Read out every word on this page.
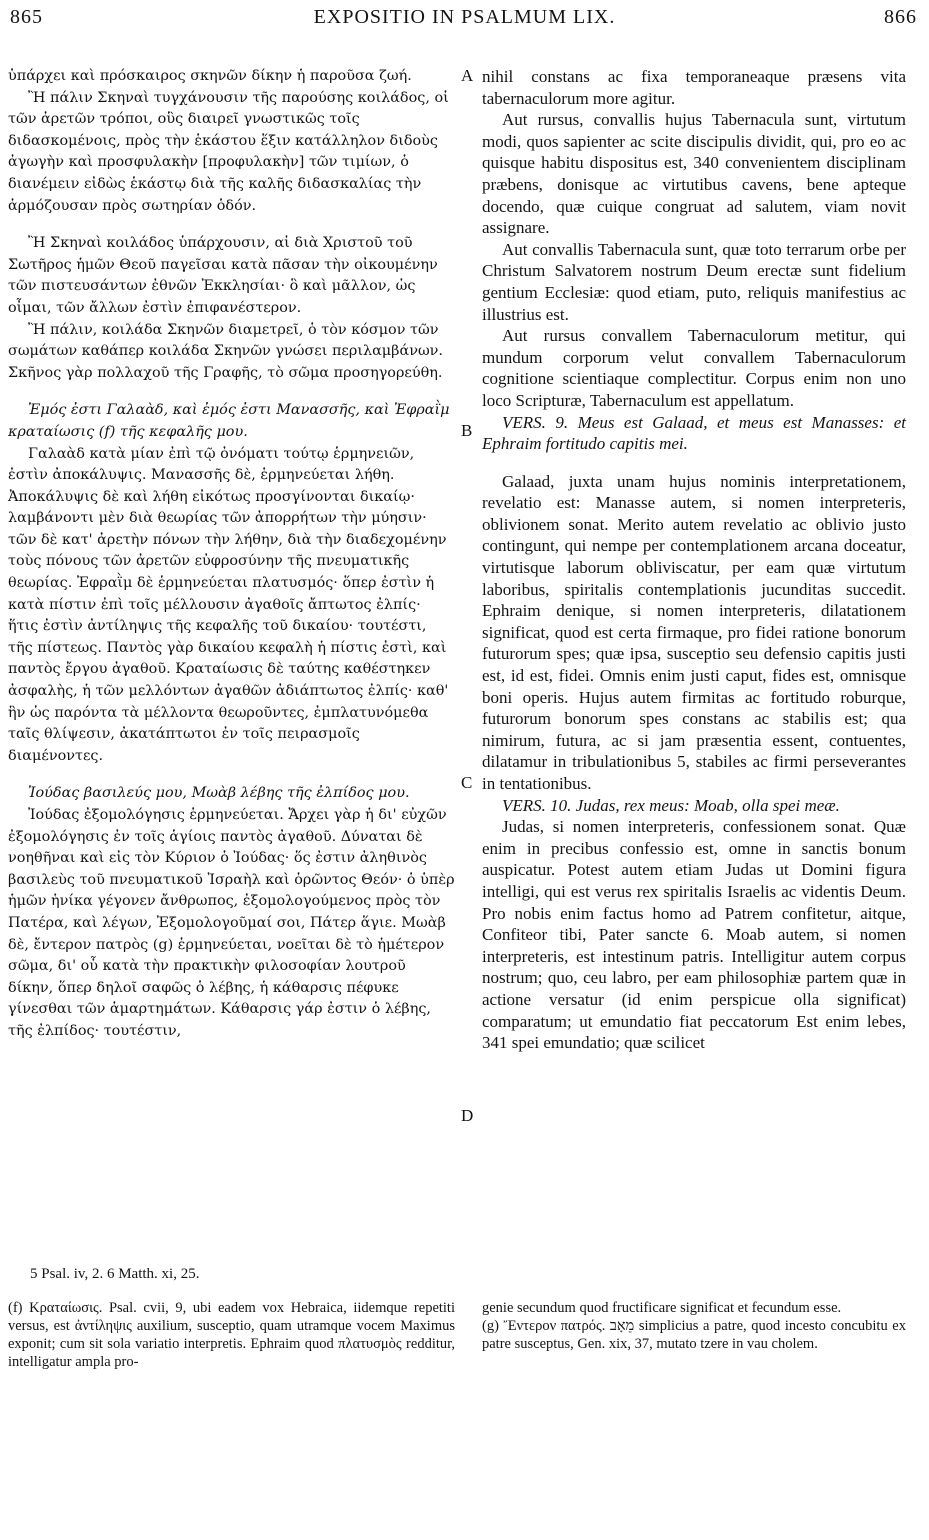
865	EXPOSITIO IN PSALMUM LIX.	866

ὑπάρχει καὶ πρόσκαιρος σκηνῶν δίκην ἡ παροῦσα ζωή.

Ἢ πάλιν Σκηναὶ τυγχάνουσιν τῆς παρούσης κοιλάδος, οἱ τῶν ἀρετῶν τρόποι, οὓς διαιρεῖ γνωστικῶς τοῖς διδασκομένοις, πρὸς τὴν ἑκάστου ἕξιν κατάλληλον διδοὺς ἀγωγὴν καὶ προσφυλακὴν [προφυλακὴν] τῶν τιμίων, ὁ διανέμειν εἰδὼς ἑκάστῳ διὰ τῆς καλῆς διδασκαλίας τὴν ἁρμόζουσαν πρὸς σωτηρίαν ὁδόν.

Ἢ Σκηναὶ κοιλάδος ὑπάρχουσιν, αἱ διὰ Χριστοῦ τοῦ Σωτῆρος ἡμῶν Θεοῦ παγεῖσαι κατὰ πᾶσαν τὴν οἰκουμένην τῶν πιστευσάντων ἐθνῶν Ἐκκλησίαι· ὃ καὶ μᾶλλον, ὡς οἶμαι, τῶν ἄλλων ἐστὶν ἐπιφανέστερον.

Ἢ πάλιν, κοιλάδα Σκηνῶν διαμετρεῖ, ὁ τὸν κόσμον τῶν σωμάτων καθάπερ κοιλάδα Σκηνῶν γνώσει περιλαμβάνων. Σκῆνος γὰρ πολλαχοῦ τῆς Γραφῆς, τὸ σῶμα προσηγορεύθη.

Ἐμός ἐστι Γαλαὰδ, καὶ ἐμός ἐστι Μανασσῆς, καὶ Ἐφραῒμ κραταίωσις (f) τῆς κεφαλῆς μου.

Γαλαὰδ κατὰ μίαν ἐπὶ τῷ ὀνόματι τούτῳ ἑρμηνειῶν, ἐστὶν ἀποκάλυψις. Μανασσῆς δὲ, ἑρμηνεύεται λήθη. Ἀποκάλυψις δὲ καὶ λήθη εἰκότως προσγίνονται δικαίῳ· λαμβάνοντι μὲν διὰ θεωρίας τῶν ἀπορρήτων τὴν μύησιν· τῶν δὲ κατ' ἀρετὴν πόνων τὴν λήθην, διὰ τὴν διαδεχομένην τοὺς πόνους τῶν ἀρετῶν εὐφροσύνην τῆς πνευματικῆς θεωρίας. Ἐφραῒμ δὲ ἑρμηνεύεται πλατυσμός· ὅπερ ἐστὶν ἡ κατὰ πίστιν ἐπὶ τοῖς μέλλουσιν ἀγαθοῖς ἄπτωτος ἐλπίς· ἥτις ἐστὶν ἀντίληψις τῆς κεφαλῆς τοῦ δικαίου· τουτέστι, τῆς πίστεως. Παντὸς γὰρ δικαίου κεφαλὴ ἡ πίστις ἐστὶ, καὶ παντὸς ἔργου ἀγαθοῦ. Κραταίωσις δὲ ταύτης καθέστηκεν ἀσφαλὴς, ἡ τῶν μελλόντων ἀγαθῶν ἀδιάπτωτος ἐλπίς· καθ' ἣν ὡς παρόντα τὰ μέλλοντα θεωροῦντες, ἐμπλατυνόμεθα ταῖς θλίψεσιν, ἀκατάπτωτοι ἐν τοῖς πειρασμοῖς διαμένοντες.

Ἰούδας βασιλεύς μου, Μωὰβ λέβης τῆς ἐλπίδος μου.

Ἰούδας ἐξομολόγησις ἑρμηνεύεται. Ἄρχει γὰρ ἡ δι' εὐχῶν ἐξομολόγησις ἐν τοῖς ἁγίοις παντὸς ἀγαθοῦ. Δύναται δὲ νοηθῆναι καὶ εἰς τὸν Κύριον ὁ Ἰούδας· ὅς ἐστιν ἀληθινὸς βασιλεὺς τοῦ πνευματικοῦ Ἰσραὴλ καὶ ὁρῶντος Θεόν· ὁ ὑπὲρ ἡμῶν ἡνίκα γέγονεν ἄνθρωπος, ἐξομολογούμενος πρὸς τὸν Πατέρα, καὶ λέγων, Ἐξομολογοῦμαί σοι, Πάτερ ἅγιε. Μωὰβ δὲ, ἔντερον πατρὸς (g) ἑρμηνεύεται, νοεῖται δὲ τὸ ἡμέτερον σῶμα, δι' οὗ κατὰ τὴν πρακτικὴν φιλοσοφίαν λουτροῦ δίκην, ὅπερ δηλοῖ σαφῶς ὁ λέβης, ἡ κάθαρσις πέφυκε γίνεσθαι τῶν ἁμαρτημάτων. Κάθαρσις γάρ ἐστιν ὁ λέβης, τῆς ἐλπίδος· τουτέστιν,

A
B
C
D

nihil constans ac fixa temporaneaque præsens vita tabernaculorum more agitur.

Aut rursus, convallis hujus Tabernacula sunt, virtutum modi, quos sapienter ac scite discipulis dividit, qui, pro eo ac quisque habitu dispositus est, 340 convenientem disciplinam præbens, donisque ac virtutibus cavens, bene apteque docendo, quæ cuique congruat ad salutem, viam novit assignare.

Aut convallis Tabernacula sunt, quæ toto terrarum orbe per Christum Salvatorem nostrum Deum erectæ sunt fidelium gentium Ecclesiæ: quod etiam, puto, reliquis manifestius ac illustrius est.

Aut rursus convallem Tabernaculorum metitur, qui mundum corporum velut convallem Tabernaculorum cognitione scientiaque complectitur. Corpus enim non uno loco Scripturæ, Tabernaculum est appellatum.

VERS. 9. Meus est Galaad, et meus est Manasses: et Ephraim fortitudo capitis mei.

Galaad, juxta unam hujus nominis interpretationem, revelatio est: Manasse autem, si nomen interpreteris, oblivionem sonat. Merito autem revelatio ac oblivio justo contingunt, qui nempe per contemplationem arcana doceatur, virtutisque laborum obliviscatur, per eam quæ virtutum laboribus, spiritalis contemplationis jucunditas succedit. Ephraim denique, si nomen interpreteris, dilatationem significat, quod est certa firmaque, pro fidei ratione bonorum futurorum spes; quæ ipsa, susceptio seu defensio capitis justi est, id est, fidei. Omnis enim justi caput, fides est, omnisque boni operis. Hujus autem firmitas ac fortitudo roburque, futurorum bonorum spes constans ac stabilis est; qua nimirum, futura, ac si jam præsentia essent, contuentes, dilatamur in tribulationibus 5, stabiles ac firmi perseverantes in tentationibus.

VERS. 10. Judas, rex meus: Moab, olla spei meæ.

Judas, si nomen interpreteris, confessionem sonat. Quæ enim in precibus confessio est, omne in sanctis bonum auspicatur. Potest autem etiam Judas ut Domini figura intelligi, qui est verus rex spiritalis Israelis ac videntis Deum. Pro nobis enim factus homo ad Patrem confitetur, aitque, Confiteor tibi, Pater sancte 6. Moab autem, si nomen interpreteris, est intestinum patris. Intelligitur autem corpus nostrum; quo, ceu labro, per eam philosophiæ partem quæ in actione versatur (id enim perspicue olla significat) comparatum; ut emundatio fiat peccatorum Est enim lebes, 341 spei emundatio; quæ scilicet

5 Psal. iv, 2. 6 Matth. xi, 25.

(f) Κραταίωσις. Psal. cvii, 9, ubi eadem vox Hebraica, iidemque repetiti versus, est ἀντίληψις auxilium, susceptio, quam utramque vocem Maximus exponit; cum sit sola variatio interpretis. Ephraim quod πλατυσμὸς redditur, intelligatur ampla pro-

genie secundum quod fructificare significat et fecundum esse.

(g) Ἔντερον πατρός. מֵאָב simplicius a patre, quod incesto concubitu ex patre susceptus, Gen. xix, 37, mutato tzere in vau cholem.
